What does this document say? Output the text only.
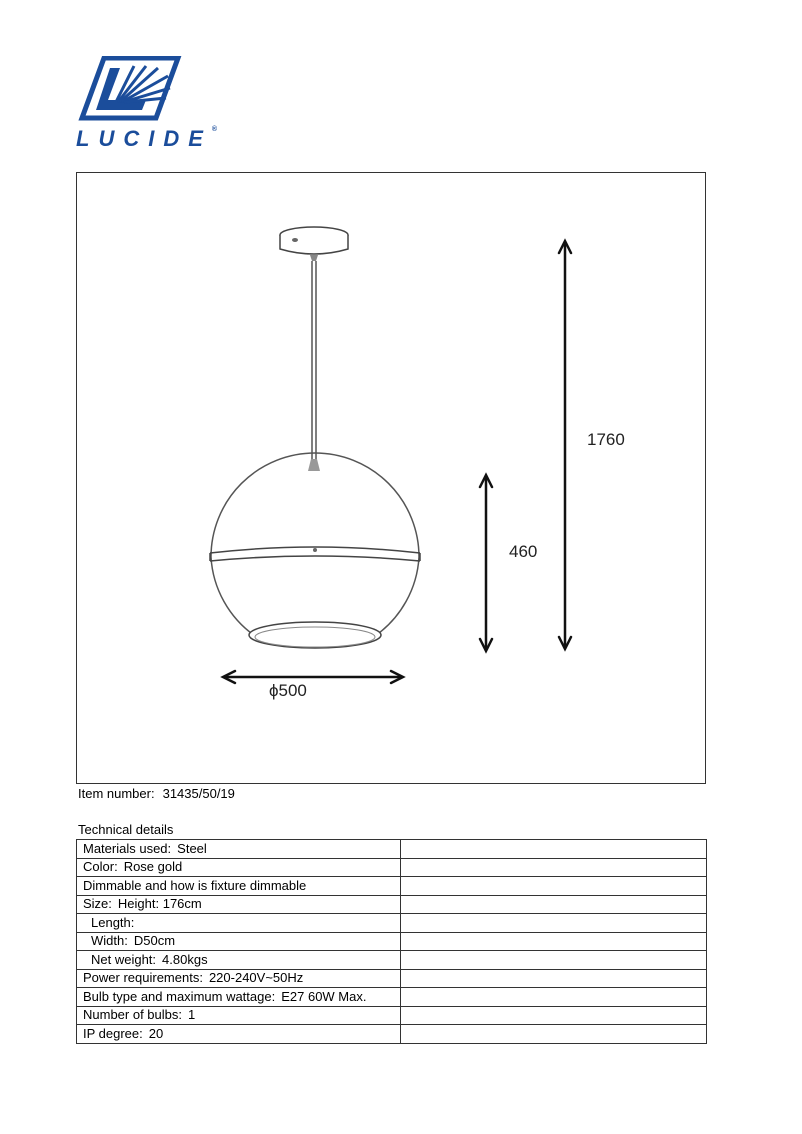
LUCIDE®
1760
460
ϕ500
Item number: 31435/50/19
Technical details
Materials used: Steel	
Color: Rose gold	
Dimmable and how is fixture dimmable	
Size: Height: 176cm	
Length:	
Width: D50cm	
Net weight: 4.80kgs	
Power requirements: 220-240V~50Hz	
Bulb type and maximum wattage: E27 60W Max.	
Number of bulbs: 1	
IP degree: 20	
